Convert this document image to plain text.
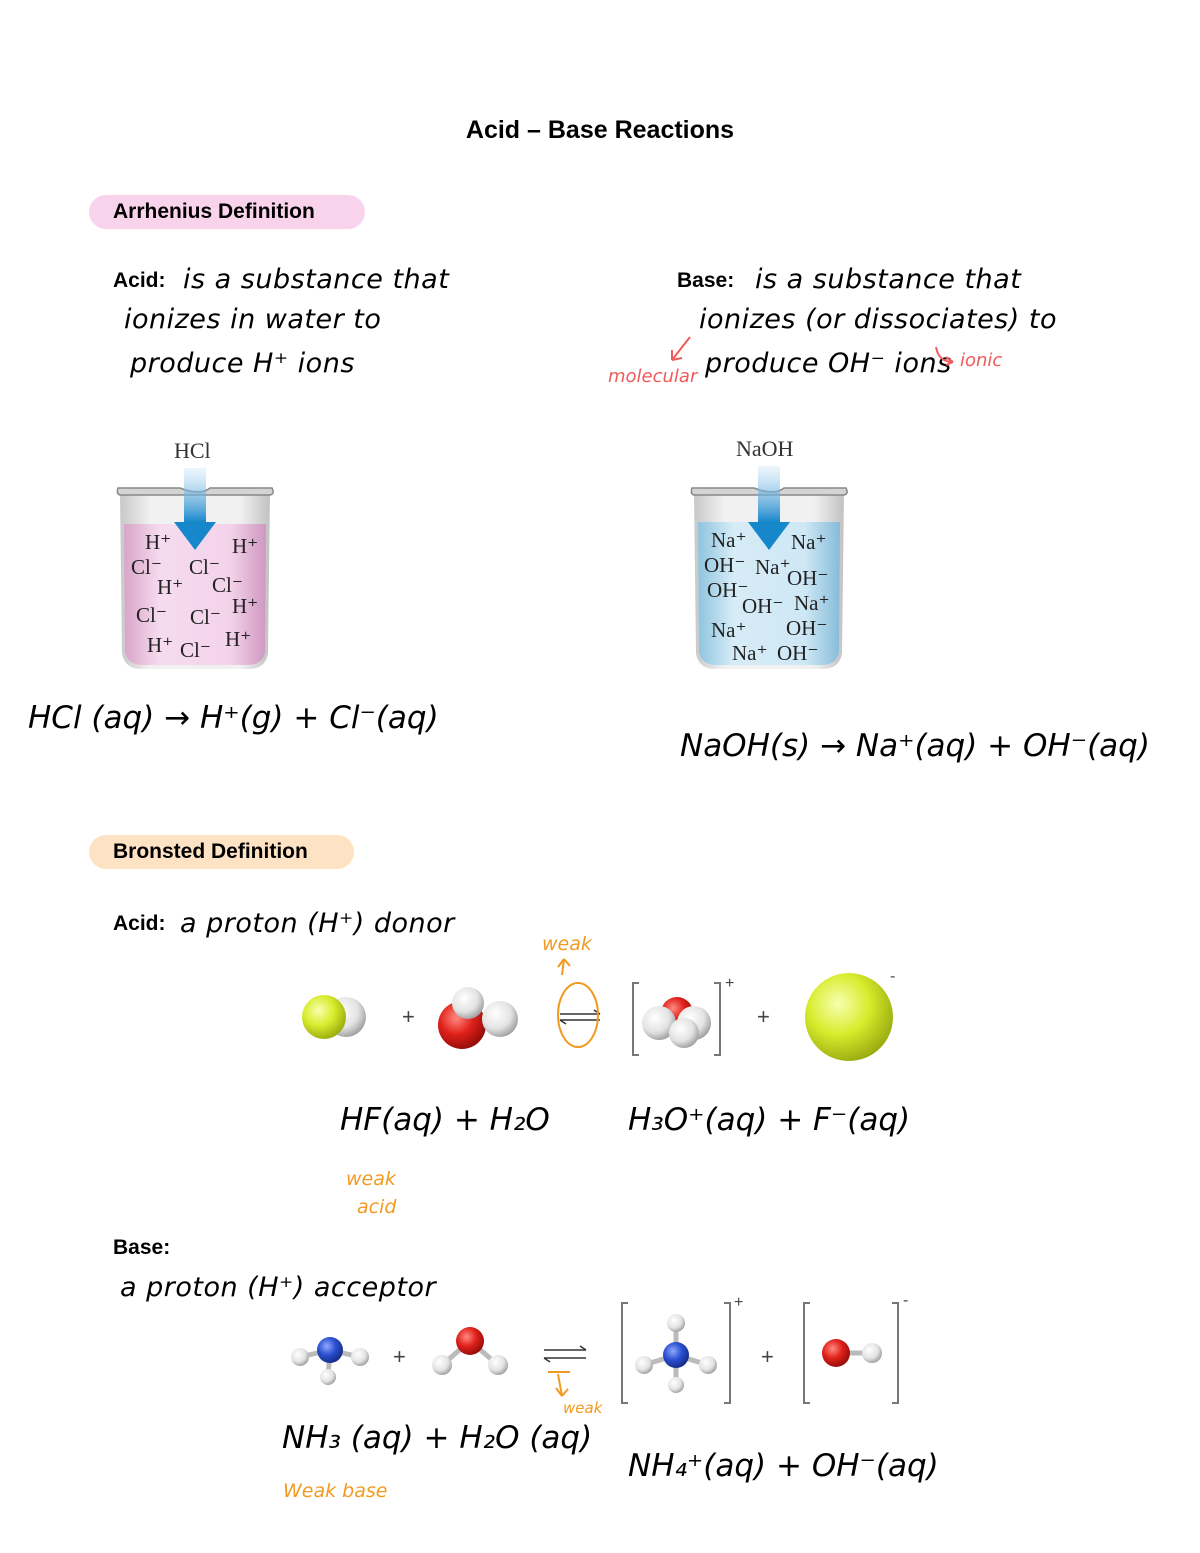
Acid – Base Reactions
Arrhenius Definition
Acid: is a substance that
ionizes in water to
produce H⁺ ions
Base: is a substance that
ionizes (or dissociates) to
produce OH⁻ ions
molecular
ionic
HCl
H⁺	H⁺
Cl⁻ Cl⁻
H⁺ Cl⁻
Cl⁻ Cl⁻ H⁺
H⁺ Cl⁻ H⁺
NaOH
Na⁺ Na⁺
OH⁻ Na⁺
OH⁻
OH⁻
OH⁻ Na⁺
Na⁺ OH⁻
Na⁺ OH⁻
HCl (aq) → H⁺(g) + Cl⁻(aq)
NaOH(s) → Na⁺(aq) + OH⁻(aq)
Bronsted Definition
Acid: a proton (H⁺) donor
+	+
+	-
weak
HF(aq) + H₂O	H₃O⁺(aq) + F⁻(aq)
weak
acid
Base:
a proton (H⁺) acceptor
+	+
+	-
weak
NH₃ (aq) + H₂O (aq)
NH₄⁺(aq) + OH⁻(aq)
Weak base
